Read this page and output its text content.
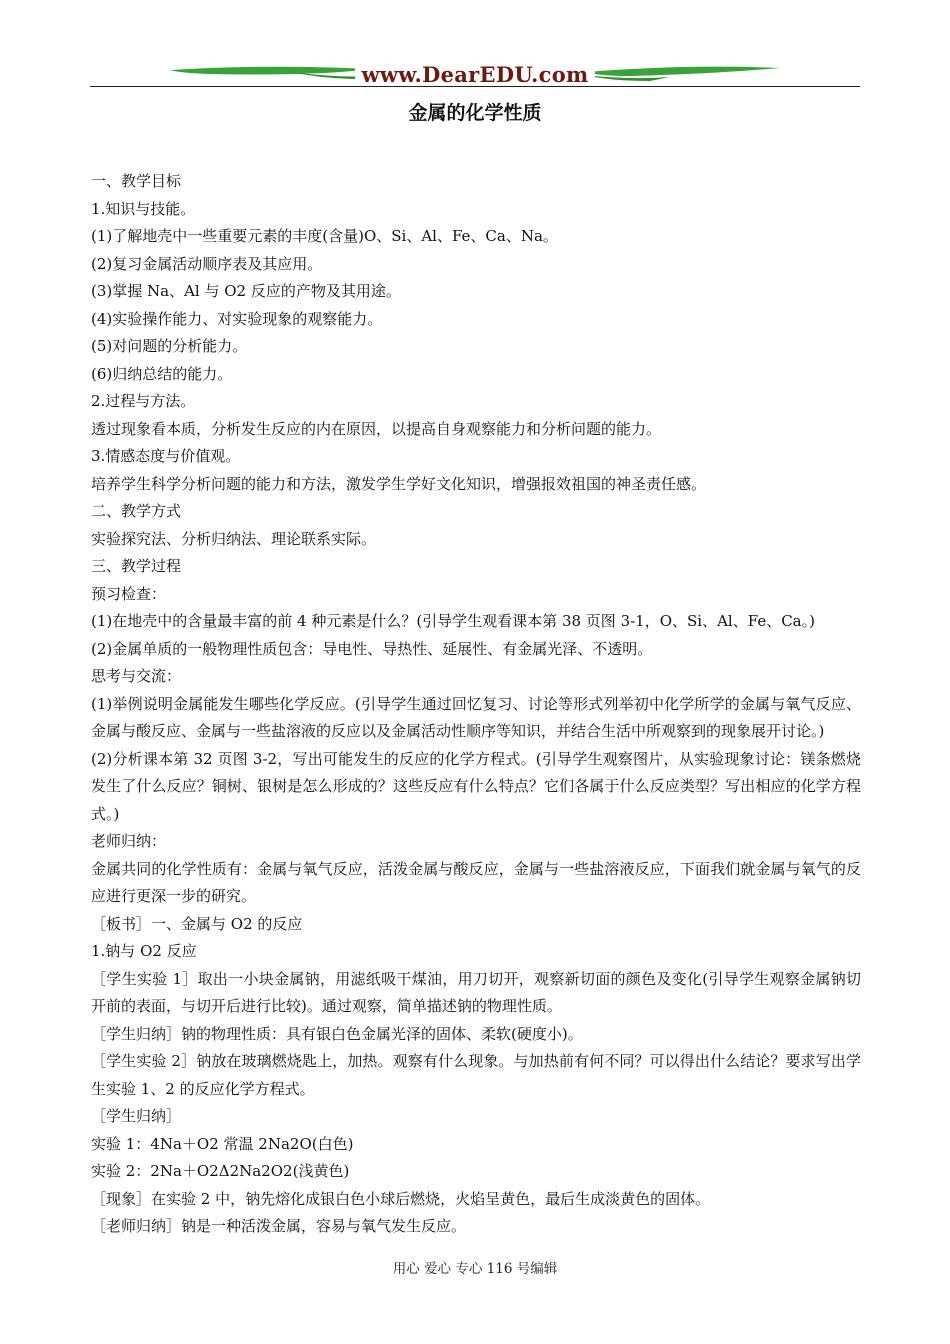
www.DearEDU.com
金属的化学性质

一、教学目标

1.知识与技能。

(1)了解地壳中一些重要元素的丰度(含量)O、Si、Al、Fe、Ca、Na。

(2)复习金属活动顺序表及其应用。

(3)掌握 Na、Al 与 O2 反应的产物及其用途。

(4)实验操作能力、对实验现象的观察能力。

(5)对问题的分析能力。

(6)归纳总结的能力。

2.过程与方法。

透过现象看本质，分析发生反应的内在原因，以提高自身观察能力和分析问题的能力。

3.情感态度与价值观。

培养学生科学分析问题的能力和方法，激发学生学好文化知识，增强报效祖国的神圣责任感。

二、教学方式

实验探究法、分析归纳法、理论联系实际。

三、教学过程

预习检查：

(1)在地壳中的含量最丰富的前 4 种元素是什么？(引导学生观看课本第 38 页图 3-1，O、Si、Al、Fe、Ca。)

(2)金属单质的一般物理性质包含：导电性、导热性、延展性、有金属光泽、不透明。

思考与交流：

(1)举例说明金属能发生哪些化学反应。(引导学生通过回忆复习、讨论等形式列举初中化学所学的金属与氧气反应、金属与酸反应、金属与一些盐溶液的反应以及金属活动性顺序等知识，并结合生活中所观察到的现象展开讨论。)

(2)分析课本第 32 页图 3-2，写出可能发生的反应的化学方程式。(引导学生观察图片，从实验现象讨论：镁条燃烧发生了什么反应？铜树、银树是怎么形成的？这些反应有什么特点？它们各属于什么反应类型？写出相应的化学方程式。)

老师归纳：

金属共同的化学性质有：金属与氧气反应，活泼金属与酸反应，金属与一些盐溶液反应，下面我们就金属与氧气的反应进行更深一步的研究。

［板书］一、金属与 O2 的反应

1.钠与 O2 反应

［学生实验 1］取出一小块金属钠，用滤纸吸干煤油，用刀切开，观察新切面的颜色及变化(引导学生观察金属钠切开前的表面，与切开后进行比较)。通过观察，简单描述钠的物理性质。

［学生归纳］钠的物理性质：具有银白色金属光泽的固体、柔软(硬度小)。

［学生实验 2］钠放在玻璃燃烧匙上，加热。观察有什么现象。与加热前有何不同？可以得出什么结论？要求写出学生实验 1、2 的反应化学方程式。

［学生归纳］

实验 1：4Na＋O2 常温 2Na2O(白色)

实验 2：2Na＋O2Δ2Na2O2(浅黄色)

［现象］在实验 2 中，钠先熔化成银白色小球后燃烧，火焰呈黄色，最后生成淡黄色的固体。

［老师归纳］钠是一种活泼金属，容易与氧气发生反应。

用心 爱心 专心 116 号编辑
